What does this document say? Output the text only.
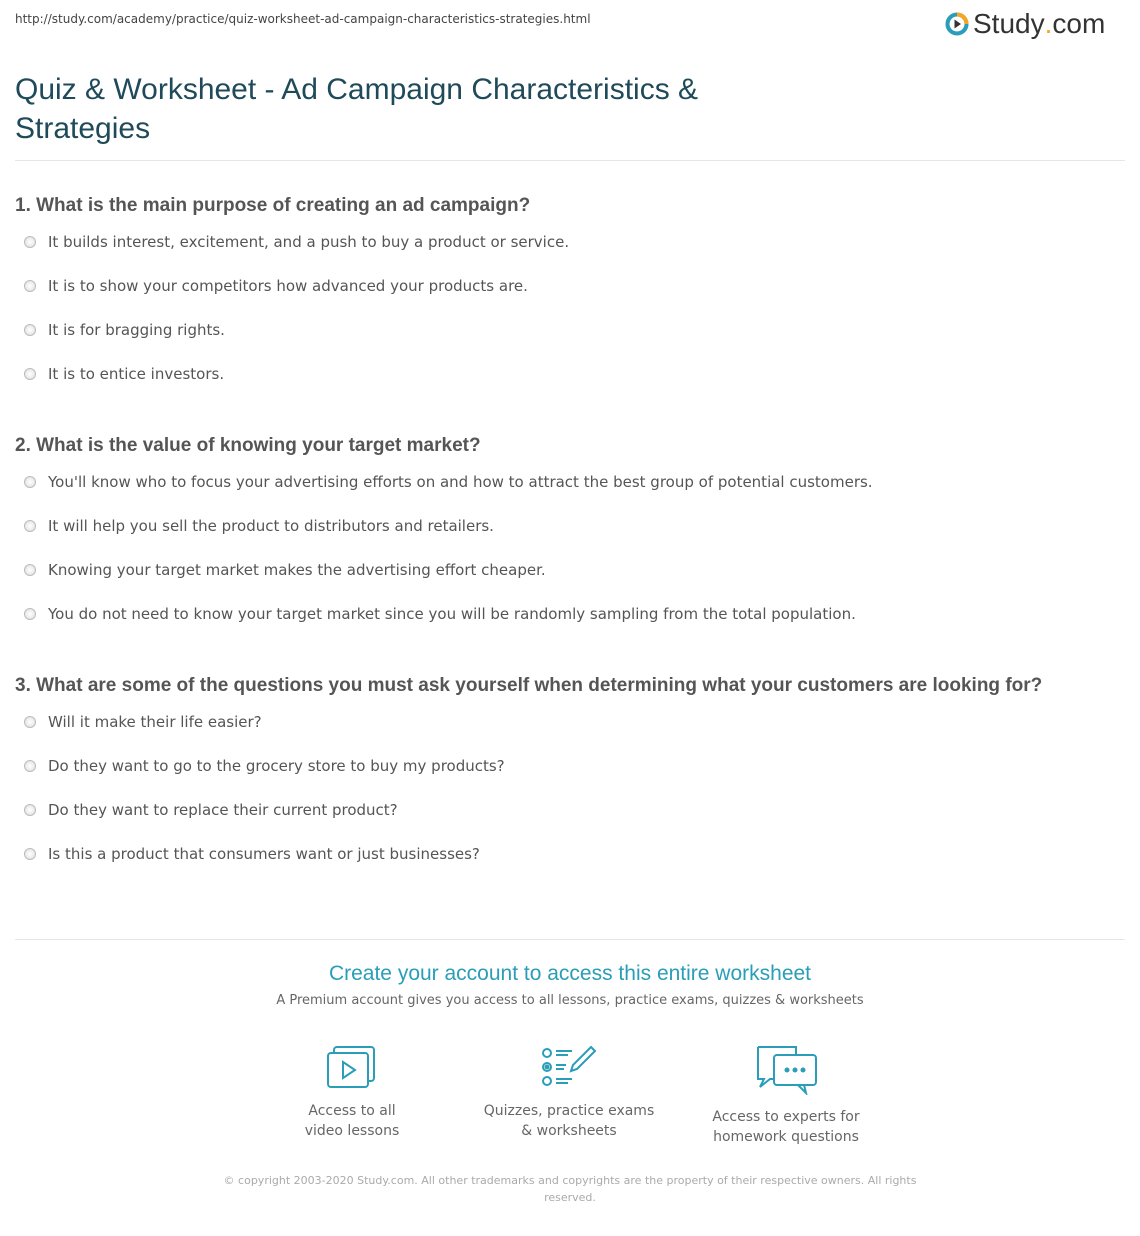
http://study.com/academy/practice/quiz-worksheet-ad-campaign-characteristics-strategies.html	Study . com
Quiz & Worksheet - Ad Campaign Characteristics & Strategies
1. What is the main purpose of creating an ad campaign?
It builds interest, excitement, and a push to buy a product or service.
It is to show your competitors how advanced your products are.
It is for bragging rights.
It is to entice investors.
2. What is the value of knowing your target market?
You'll know who to focus your advertising efforts on and how to attract the best group of potential customers.
It will help you sell the product to distributors and retailers.
Knowing your target market makes the advertising effort cheaper.
You do not need to know your target market since you will be randomly sampling from the total population.
3. What are some of the questions you must ask yourself when determining what your customers are looking for?
Will it make their life easier?
Do they want to go to the grocery store to buy my products?
Do they want to replace their current product?
Is this a product that consumers want or just businesses?
Create your account to access this entire worksheet
A Premium account gives you access to all lessons, practice exams, quizzes & worksheets
Access to all
video lessons
Quizzes, practice exams
& worksheets
Access to experts for
homework questions
© copyright 2003-2020 Study.com. All other trademarks and copyrights are the property of their respective owners. All rights reserved.
